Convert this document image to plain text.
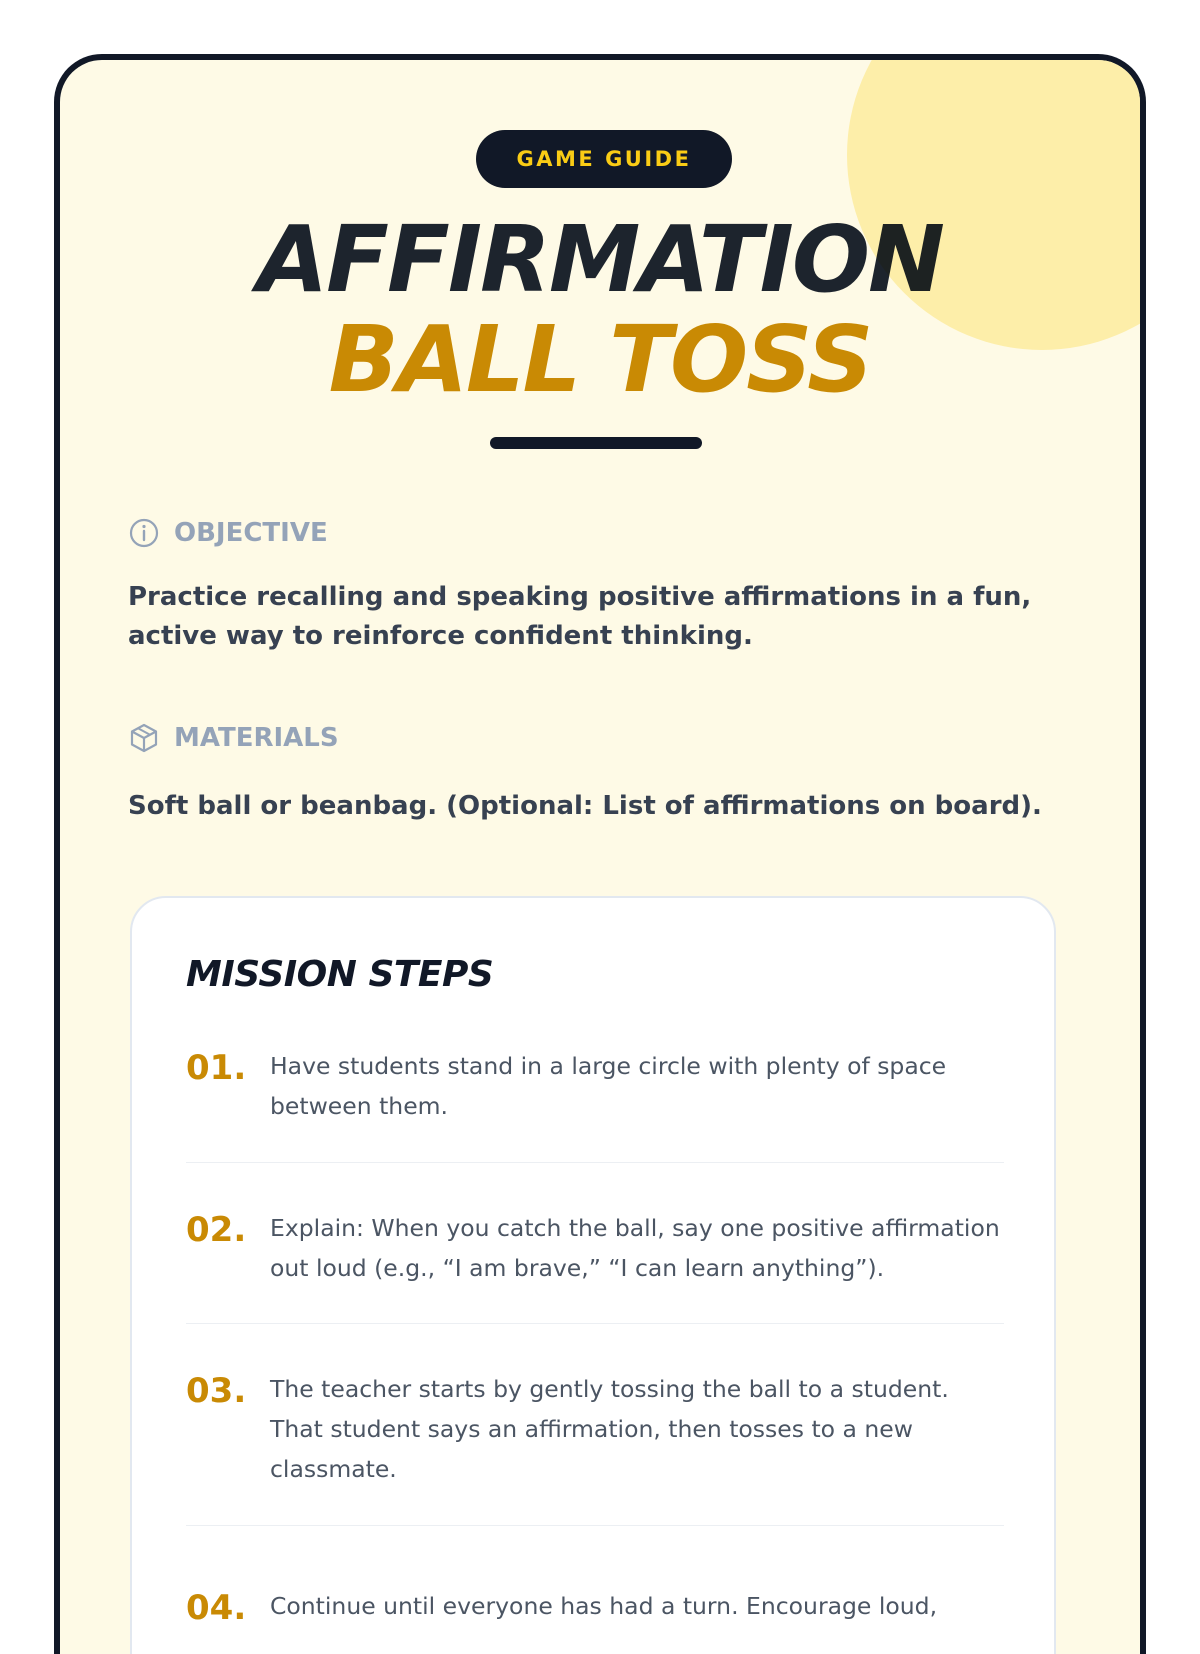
GAME GUIDE
AFFIRMATION
BALL TOSS
OBJECTIVE
Practice recalling and speaking positive affirmations in a fun, active way to reinforce confident thinking.
MATERIALS
Soft ball or beanbag. (Optional: List of affirmations on board).
MISSION STEPS
01. Have students stand in a large circle with plenty of space between them.
02. Explain: When you catch the ball, say one positive affirmation out loud (e.g., “I am brave,” “I can learn anything”).
03. The teacher starts by gently tossing the ball to a student. That student says an affirmation, then tosses to a new classmate.
04. Continue until everyone has had a turn. Encourage loud,
